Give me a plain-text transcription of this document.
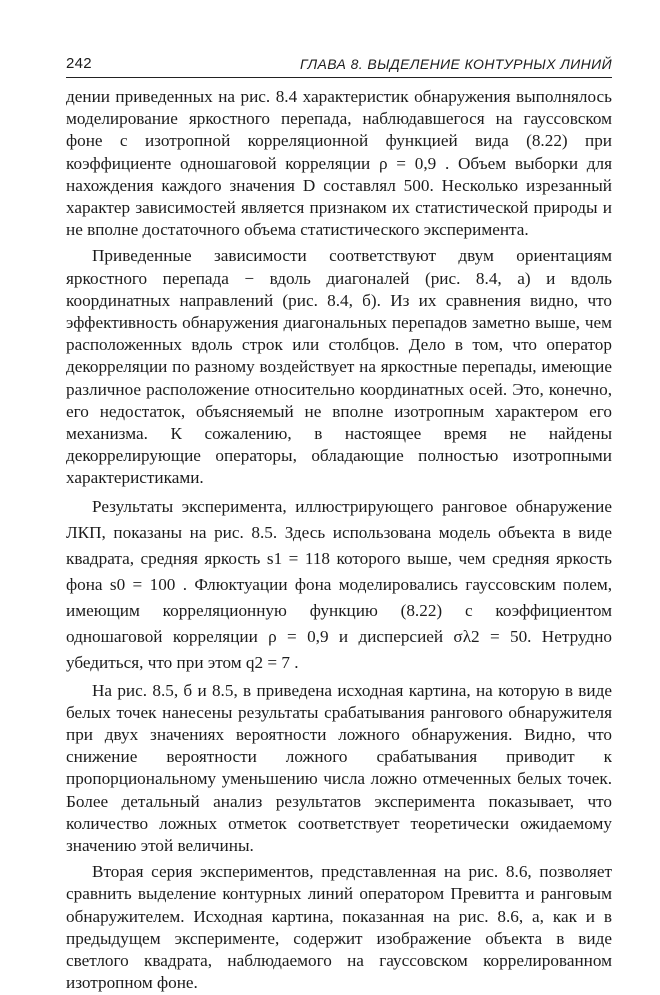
242	ГЛАВА 8. ВЫДЕЛЕНИЕ КОНТУРНЫХ ЛИНИЙ

дении приведенных на рис. 8.4 характеристик обнаружения выполнялось моделирование яркостного перепада, наблюдавшегося на гауссовском фоне с изотропной корреляционной функцией вида (8.22) при коэффициенте одношаговой корреляции ρ = 0,9 . Объем выборки для нахождения каждого значения D составлял 500. Несколько изрезанный характер зависимостей является признаком их статистической природы и не вполне достаточного объема статистического эксперимента.

Приведенные зависимости соответствуют двум ориентациям яркостного перепада − вдоль диагоналей (рис. 8.4, а) и вдоль координатных направлений (рис. 8.4, б). Из их сравнения видно, что эффективность обнаружения диагональных перепадов заметно выше, чем расположенных вдоль строк или столбцов. Дело в том, что оператор декорреляции по разному воздействует на яркостные перепады, имеющие различное расположение относительно координатных осей. Это, конечно, его недостаток, объясняемый не вполне изотропным характером его механизма. К сожалению, в настоящее время не найдены декоррелирующие операторы, обладающие полностью изотропными характеристиками.

Результаты эксперимента, иллюстрирующего ранговое обнаружение ЛКП, показаны на рис. 8.5. Здесь использована модель объекта в виде квадрата, средняя яркость s1 = 118 которого выше, чем средняя яркость фона s0 = 100 . Флюктуации фона моделировались гауссовским полем, имеющим корреляционную функцию (8.22) с коэффициентом одношаговой корреляции ρ = 0,9 и дисперсией σλ2 = 50. Нетрудно убедиться, что при этом q2 = 7 .

На рис. 8.5, б и 8.5, в приведена исходная картина, на которую в виде белых точек нанесены результаты срабатывания рангового обнаружителя при двух значениях вероятности ложного обнаружения. Видно, что снижение вероятности ложного срабатывания приводит к пропорциональному уменьшению числа ложно отмеченных белых точек. Более детальный анализ результатов эксперимента показывает, что количество ложных отметок соответствует теоретически ожидаемому значению этой величины.

Вторая серия экспериментов, представленная на рис. 8.6, позволяет сравнить выделение контурных линий оператором Превитта и ранговым обнаружителем. Исходная картина, показанная на рис. 8.6, а, как и в предыдущем эксперименте, содержит изображение объекта в виде светлого квадрата, наблюдаемого на гауссовском коррелированном изотропном фоне.
